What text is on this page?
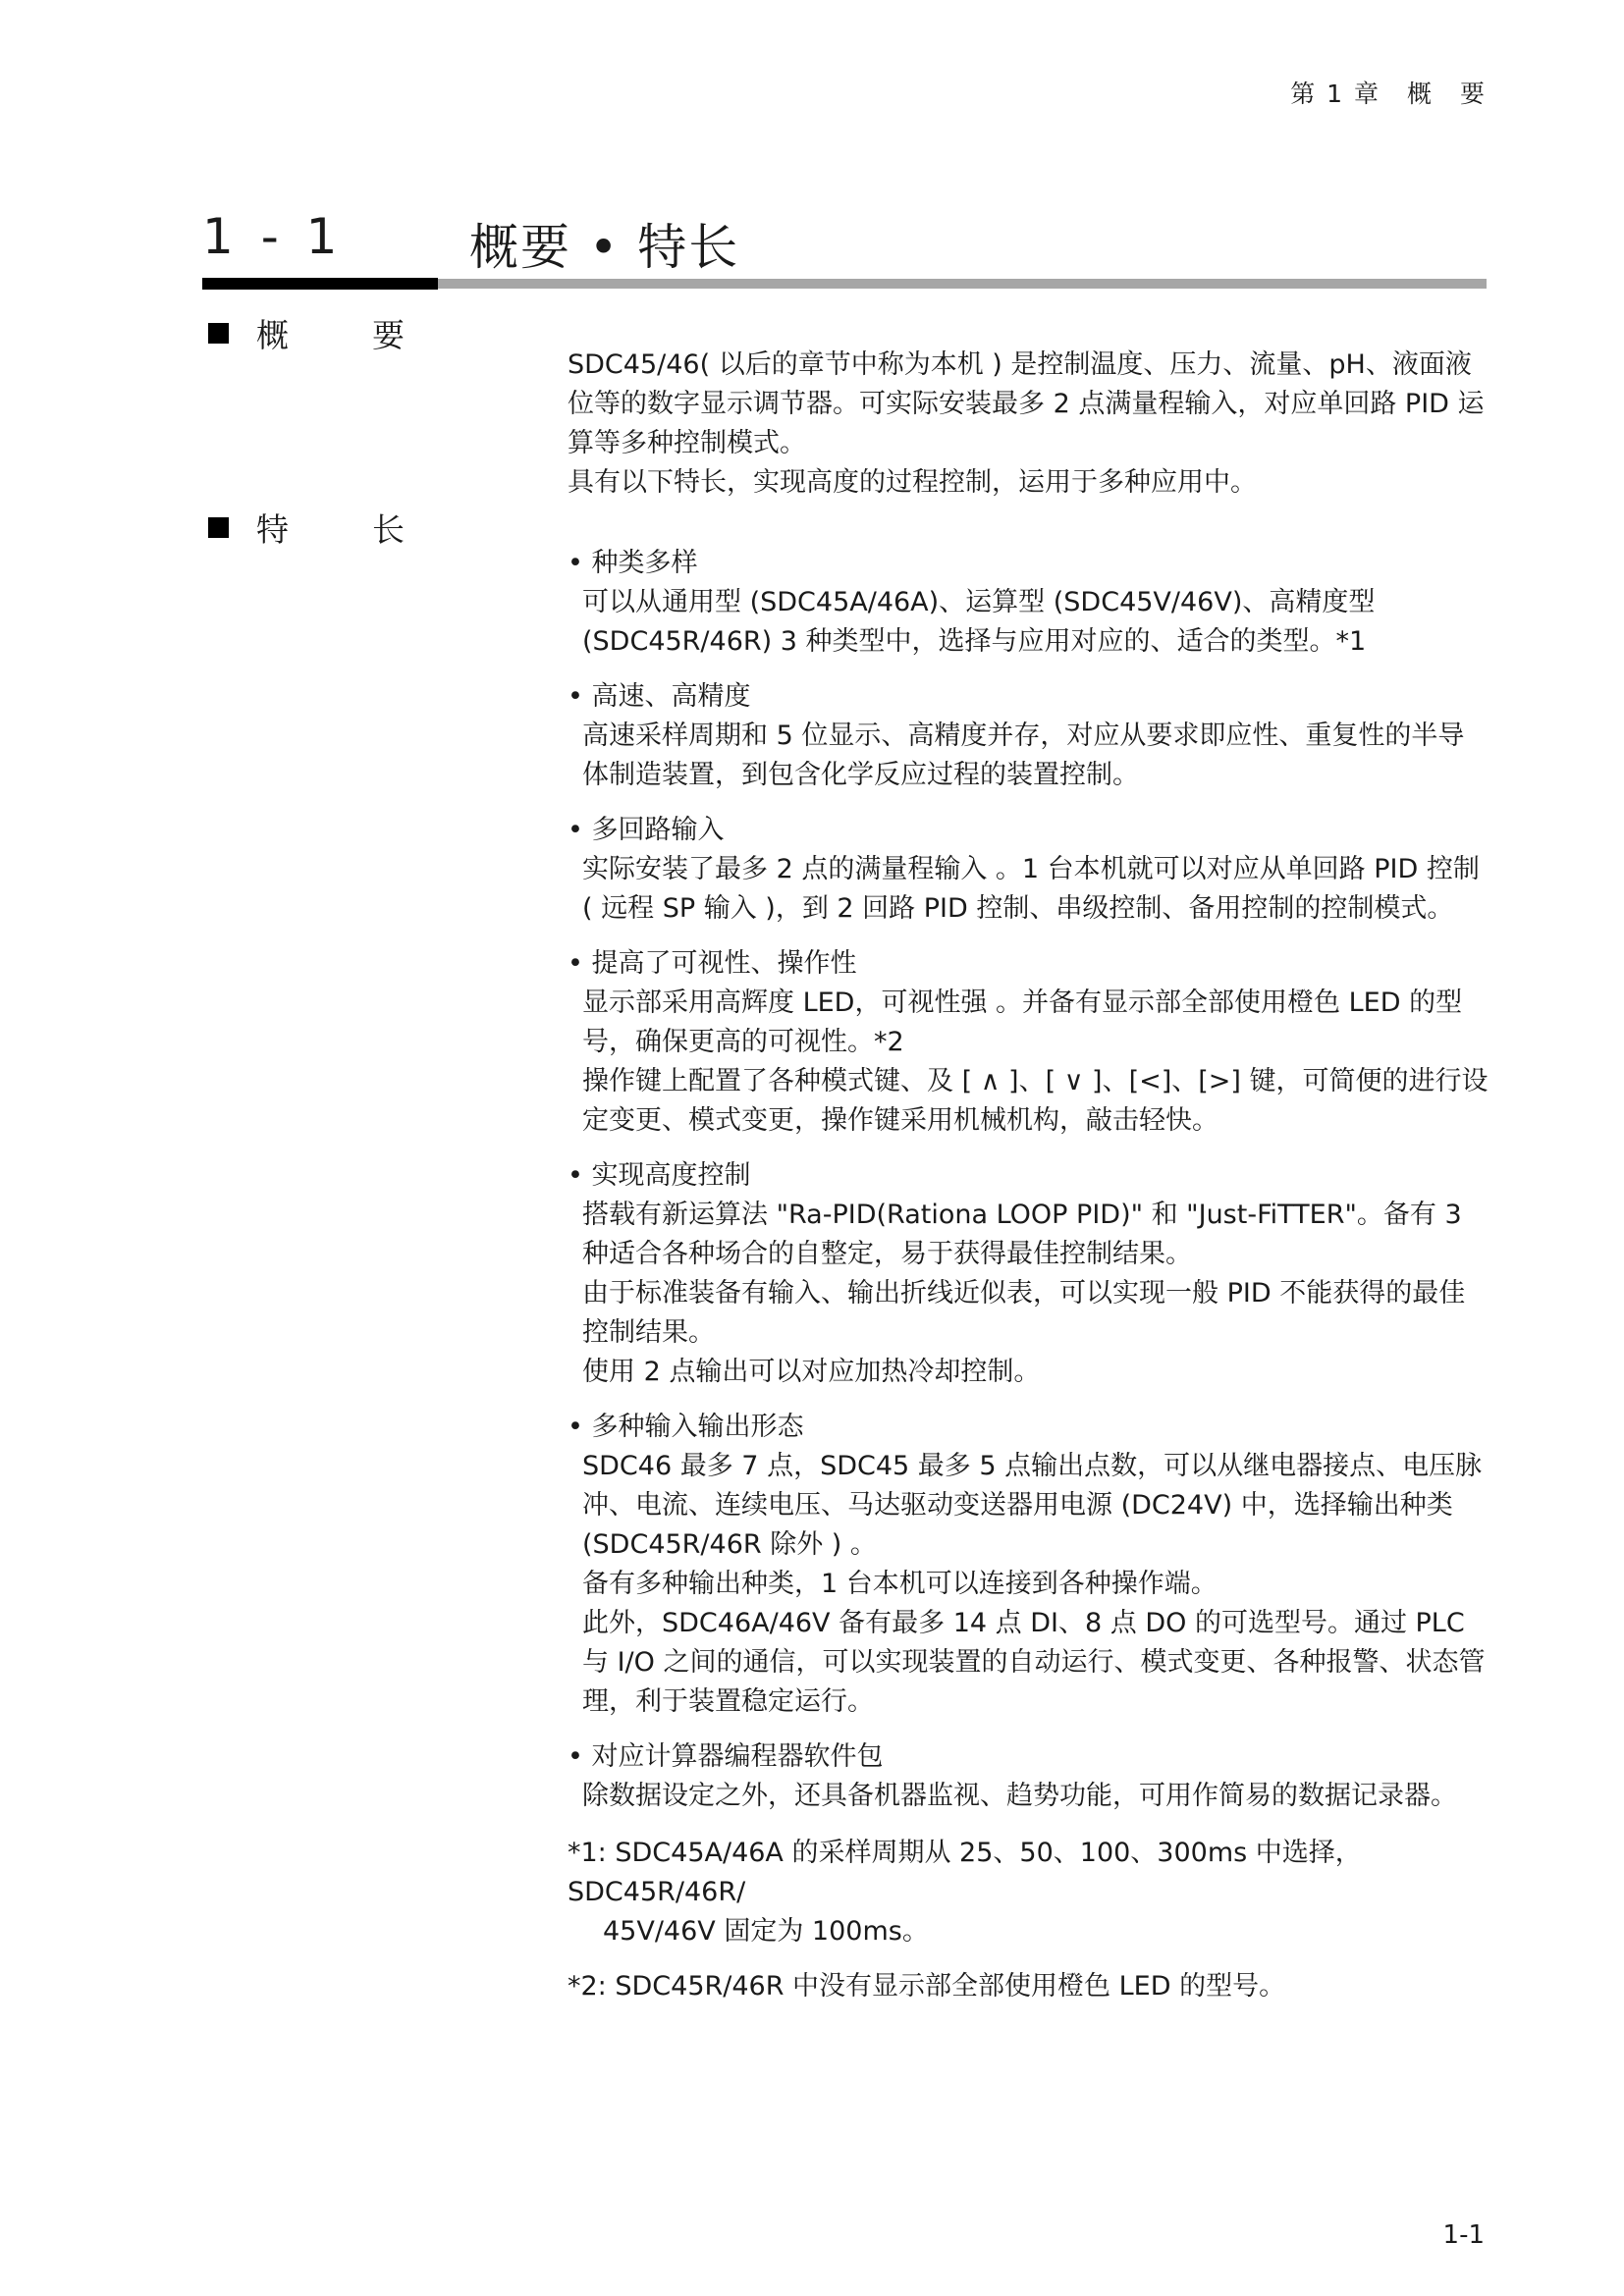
第 1 章　概　要
1 - 1	概要 • 特长
概　要
特　长

SDC45/46( 以后的章节中称为本机 ) 是控制温度、压力、流量、pH、液面液位等的数字显示调节器。可实际安装最多 2 点满量程输入，对应单回路 PID 运算等多种控制模式。

具有以下特长，实现高度的过程控制，运用于多种应用中。

• 种类多样

可以从通用型 (SDC45A/46A)、运算型 (SDC45V/46V)、高精度型 (SDC45R/46R) 3 种类型中，选择与应用对应的、适合的类型。*1

• 高速、高精度

高速采样周期和 5 位显示、高精度并存，对应从要求即应性、重复性的半导体制造装置，到包含化学反应过程的装置控制。

• 多回路输入

实际安装了最多 2 点的满量程输入 。1 台本机就可以对应从单回路 PID 控制 ( 远程 SP 输入 )，到 2 回路 PID 控制、串级控制、备用控制的控制模式。

• 提高了可视性、操作性

显示部采用高辉度 LED，可视性强 。并备有显示部全部使用橙色 LED 的型号，确保更高的可视性。*2

操作键上配置了各种模式键、及 [ ∧ ]、[ ∨ ]、[<]、[>] 键，可简便的进行设定变更、模式变更，操作键采用机械机构，敲击轻快。

• 实现高度控制

搭载有新运算法 "Ra-PID(Rationa LOOP PID)" 和 "Just-FiTTER"。备有 3 种适合各种场合的自整定，易于获得最佳控制结果。

由于标准装备有输入、输出折线近似表，可以实现一般 PID 不能获得的最佳控制结果。

使用 2 点输出可以对应加热冷却控制。

• 多种输入输出形态

SDC46 最多 7 点，SDC45 最多 5 点输出点数，可以从继电器接点、电压脉冲、电流、连续电压、马达驱动变送器用电源 (DC24V) 中，选择输出种类 (SDC45R/46R 除外 ) 。

备有多种输出种类，1 台本机可以连接到各种操作端。

此外，SDC46A/46V 备有最多 14 点 DI、8 点 DO 的可选型号。通过 PLC 与 I/O 之间的通信，可以实现装置的自动运行、模式变更、各种报警、状态管理，利于装置稳定运行。

• 对应计算器编程器软件包

除数据设定之外，还具备机器监视、趋势功能，可用作简易的数据记录器。

*1: SDC45A/46A 的采样周期从 25、50、100、300ms 中选择，SDC45R/46R/
45V/46V 固定为 100ms。
*2: SDC45R/46R 中没有显示部全部使用橙色 LED 的型号。
1-1
